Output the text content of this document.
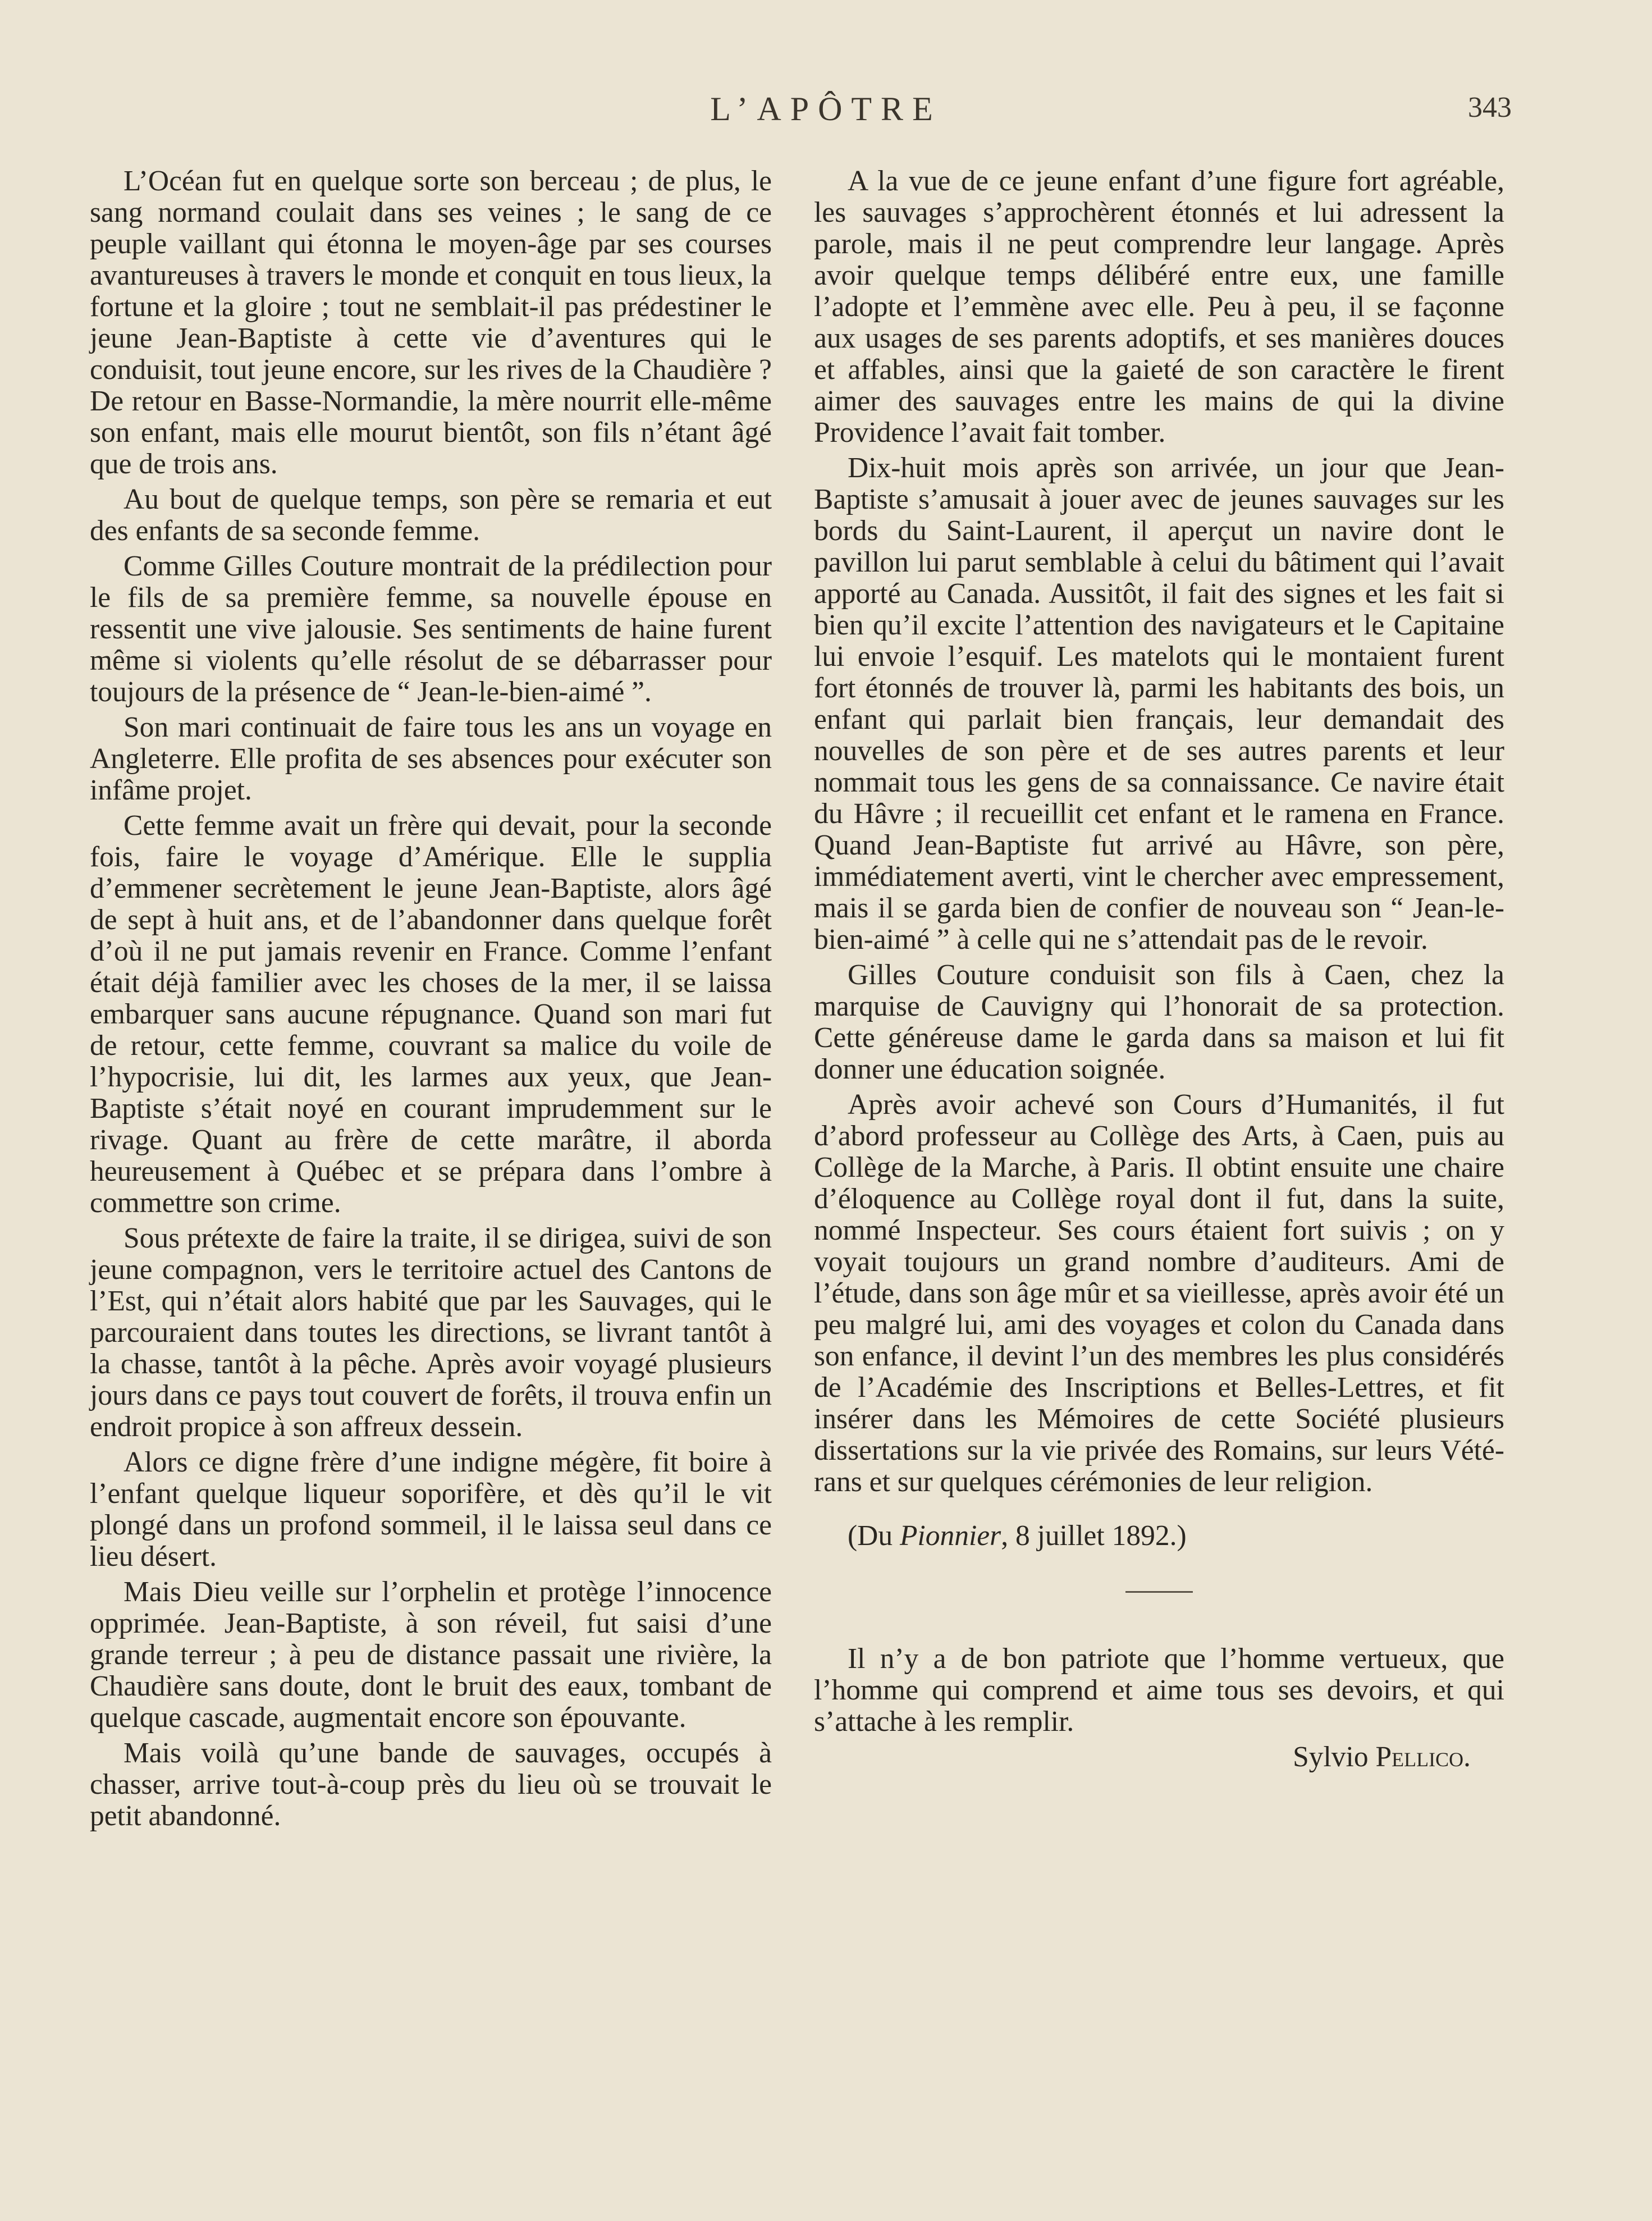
L’APÔTRE	343

L’Océan fut en quelque sorte son berceau ; de plus, le sang normand coulait dans ses veines ; le sang de ce peuple vaillant qui étonna le moyen-âge par ses courses avantureuses à travers le monde et conquit en tous lieux, la fortune et la gloire ; tout ne semblait-il pas prédestiner le jeune Jean-Baptiste à cette vie d’aventures qui le conduisit, tout jeune encore, sur les rives de la Chaudière ? De retour en Basse-Normandie, la mère nourrit elle-même son enfant, mais elle mourut bientôt, son fils n’étant âgé que de trois ans.

Au bout de quelque temps, son père se remaria et eut des enfants de sa seconde femme.

Comme Gilles Couture montrait de la prédilection pour le fils de sa première femme, sa nouvelle épouse en ressentit une vive jalousie. Ses sentiments de haine furent même si violents qu’elle résolut de se débarrasser pour toujours de la présence de “ Jean-le-bien-aimé ”.

Son mari continuait de faire tous les ans un voyage en Angleterre. Elle profita de ses absences pour exécuter son infâme projet.

Cette femme avait un frère qui devait, pour la seconde fois, faire le voyage d’Amérique. Elle le supplia d’emmener secrètement le jeune Jean-Baptiste, alors âgé de sept à huit ans, et de l’abandonner dans quelque forêt d’où il ne put jamais revenir en France. Comme l’enfant était déjà familier avec les choses de la mer, il se laissa embarquer sans aucune répugnance. Quand son mari fut de retour, cette femme, couvrant sa malice du voile de l’hypocrisie, lui dit, les larmes aux yeux, que Jean-Baptiste s’était noyé en courant imprudemment sur le rivage. Quant au frère de cette marâtre, il aborda heureusement à Québec et se prépara dans l’ombre à commettre son crime.

Sous prétexte de faire la traite, il se dirigea, suivi de son jeune compagnon, vers le territoire actuel des Cantons de l’Est, qui n’était alors habité que par les Sauvages, qui le parcouraient dans toutes les directions, se livrant tantôt à la chasse, tantôt à la pêche. Après avoir voyagé plusieurs jours dans ce pays tout couvert de forêts, il trouva enfin un endroit propice à son affreux dessein.

Alors ce digne frère d’une indigne mégère, fit boire à l’enfant quelque liqueur soporifère, et dès qu’il le vit plongé dans un profond sommeil, il le laissa seul dans ce lieu désert.

Mais Dieu veille sur l’orphelin et protège l’innocence opprimée. Jean-Baptiste, à son réveil, fut saisi d’une grande terreur ; à peu de distance passait une rivière, la Chaudière sans doute, dont le bruit des eaux, tombant de quelque cascade, augmentait encore son épouvante.

Mais voilà qu’une bande de sauvages, occupés à chasser, arrive tout-à-coup près du lieu où se trouvait le petit abandonné.

A la vue de ce jeune enfant d’une figure fort agréable, les sauvages s’approchèrent étonnés et lui adressent la parole, mais il ne peut comprendre leur langage. Après avoir quelque temps délibéré entre eux, une famille l’adopte et l’emmène avec elle. Peu à peu, il se façonne aux usages de ses parents adoptifs, et ses manières douces et affables, ainsi que la gaieté de son caractère le firent aimer des sauvages entre les mains de qui la divine Providence l’avait fait tomber.

Dix-huit mois après son arrivée, un jour que Jean-Baptiste s’amusait à jouer avec de jeunes sauvages sur les bords du Saint-Laurent, il aperçut un navire dont le pavillon lui parut semblable à celui du bâtiment qui l’avait apporté au Canada. Aussitôt, il fait des signes et les fait si bien qu’il excite l’attention des navigateurs et le Capitaine lui envoie l’esquif. Les matelots qui le montaient furent fort étonnés de trouver là, parmi les habitants des bois, un enfant qui parlait bien français, leur demandait des nouvelles de son père et de ses autres parents et leur nommait tous les gens de sa connaissance. Ce navire était du Hâvre ; il recueillit cet enfant et le ramena en France. Quand Jean-Baptiste fut arrivé au Hâvre, son père, immédiatement averti, vint le chercher avec empressement, mais il se garda bien de confier de nouveau son “ Jean-le-bien-aimé ” à celle qui ne s’attendait pas de le revoir.

Gilles Couture conduisit son fils à Caen, chez la marquise de Cauvigny qui l’honorait de sa protection. Cette généreuse dame le garda dans sa maison et lui fit donner une éducation soignée.

Après avoir achevé son Cours d’Humanités, il fut d’abord professeur au Collège des Arts, à Caen, puis au Collège de la Marche, à Paris. Il obtint ensuite une chaire d’éloquence au Collège royal dont il fut, dans la suite, nommé Inspecteur. Ses cours étaient fort suivis ; on y voyait toujours un grand nombre d’auditeurs. Ami de l’étude, dans son âge mûr et sa vieillesse, après avoir été un peu malgré lui, ami des voyages et colon du Canada dans son enfance, il devint l’un des membres les plus considérés de l’Académie des Inscriptions et Belles-Lettres, et fit insérer dans les Mémoires de cette Société plusieurs dissertations sur la vie privée des Romains, sur leurs Vétérans et sur quelques cérémonies de leur religion.

(Du Pionnier, 8 juillet 1892.)

Il n’y a de bon patriote que l’homme vertueux, que l’homme qui comprend et aime tous ses devoirs, et qui s’attache à les remplir.

Sylvio Pellico.
